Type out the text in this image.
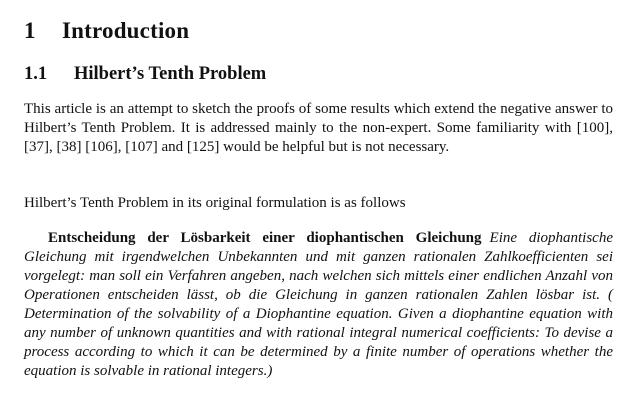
1 Introduction
1.1 Hilbert’s Tenth Problem

This article is an attempt to sketch the proofs of some results which extend the negative answer to Hilbert’s Tenth Problem. It is addressed mainly to the non-expert. Some familiarity with [100], [37], [38] [106], [107] and [125] would be helpful but is not necessary.

Hilbert’s Tenth Problem in its original formulation is as follows

Entscheidung der Lösbarkeit einer diophantischen Gleichung Eine diophantische Gleichung mit irgendwelchen Unbekannten und mit ganzen rationalen Zahlkoefficienten sei vorgelegt: man soll ein Verfahren angeben, nach welchen sich mittels einer endlichen Anzahl von Operationen entscheiden lässt, ob die Gleichung in ganzen rationalen Zahlen lösbar ist. ( Determination of the solvability of a Diophantine equation. Given a diophantine equation with any number of unknown quantities and with rational integral numerical coefficients: To devise a process according to which it can be determined by a finite number of operations whether the equation is solvable in rational integers.)
